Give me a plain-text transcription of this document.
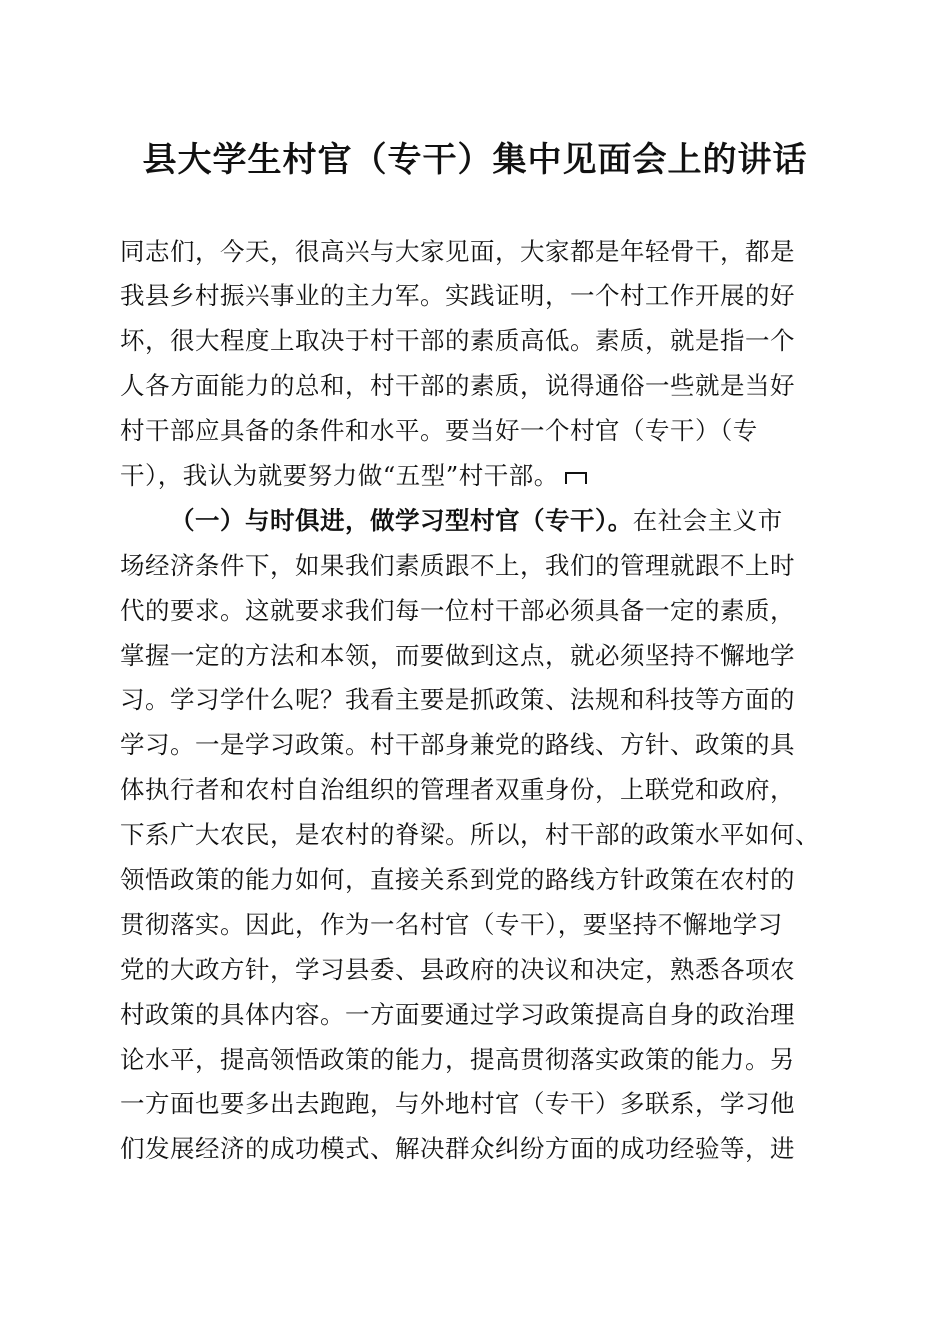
县大学生村官（专干）集中见面会上的讲话
同志们，今天，很高兴与大家见面，大家都是年轻骨干，都是
我县乡村振兴事业的主力军。实践证明，一个村工作开展的好
坏，很大程度上取决于村干部的素质高低。素质，就是指一个
人各方面能力的总和，村干部的素质，说得通俗一些就是当好
村干部应具备的条件和水平。要当好一个村官（专干）（专
干），我认为就要努力做“五型”村干部。
（一）与时俱进，做学习型村官（专干）。在社会主义市
场经济条件下，如果我们素质跟不上，我们的管理就跟不上时
代的要求。这就要求我们每一位村干部必须具备一定的素质，
掌握一定的方法和本领，而要做到这点，就必须坚持不懈地学
习。学习学什么呢？我看主要是抓政策、法规和科技等方面的
学习。一是学习政策。村干部身兼党的路线、方针、政策的具
体执行者和农村自治组织的管理者双重身份，上联党和政府，
下系广大农民，是农村的脊梁。所以，村干部的政策水平如何、
领悟政策的能力如何，直接关系到党的路线方针政策在农村的
贯彻落实。因此，作为一名村官（专干），要坚持不懈地学习
党的大政方针，学习县委、县政府的决议和决定，熟悉各项农
村政策的具体内容。一方面要通过学习政策提高自身的政治理
论水平，提高领悟政策的能力，提高贯彻落实政策的能力。另
一方面也要多出去跑跑，与外地村官（专干）多联系，学习他
们发展经济的成功模式、解决群众纠纷方面的成功经验等，进
